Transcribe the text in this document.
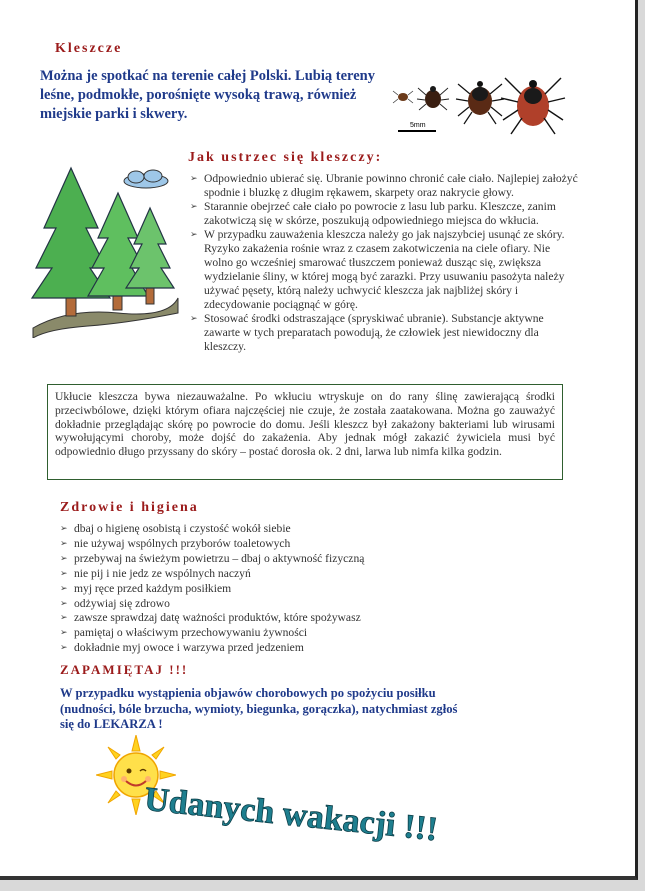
Kleszcze
Można je spotkać na terenie całej Polski. Lubią tereny leśne, podmokłe, porośnięte wysoką trawą, również miejskie parki i skwery.
5mm
Jak ustrzec się kleszczy:
➢ Odpowiednio ubierać się. Ubranie powinno chronić całe ciało. Najlepiej założyć spodnie i bluzkę z długim rękawem, skarpety oraz nakrycie głowy.
➢ Starannie obejrzeć całe ciało po powrocie z lasu lub parku. Kleszcze, zanim zakotwiczą się w skórze, poszukują odpowiedniego miejsca do wkłucia.
➢ W przypadku zauważenia kleszcza należy go jak najszybciej usunąć ze skóry. Ryzyko zakażenia rośnie wraz z czasem zakotwiczenia na ciele ofiary. Nie wolno go wcześniej smarować tłuszczem ponieważ dusząc się, zwiększa wydzielanie śliny, w której mogą być zarazki. Przy usuwaniu pasożyta należy używać pęsety, którą należy uchwycić kleszcza jak najbliżej skóry i zdecydowanie pociągnąć w górę.
➢ Stosować środki odstraszające (spryskiwać ubranie). Substancje aktywne zawarte w tych preparatach powodują, że człowiek jest niewidoczny dla kleszczy.
Ukłucie kleszcza bywa niezauważalne. Po wkłuciu wtryskuje on do rany ślinę zawierającą środki przeciwbólowe, dzięki którym ofiara najczęściej nie czuje, że została zaatakowana. Można go zauważyć dokładnie przeglądając skórę po powrocie do domu. Jeśli kleszcz był zakażony bakteriami lub wirusami wywołującymi choroby, może dojść do zakażenia. Aby jednak mógł zakazić żywiciela musi być odpowiednio długo przyssany do skóry – postać dorosła ok. 2 dni, larwa lub nimfa kilka godzin.
Zdrowie i higiena
➢ dbaj o higienę osobistą i czystość wokół siebie
➢ nie używaj wspólnych przyborów toaletowych
➢ przebywaj na świeżym powietrzu – dbaj o aktywność fizyczną
➢ nie pij i nie jedz ze wspólnych naczyń
➢ myj ręce przed każdym posiłkiem
➢ odżywiaj się zdrowo
➢ zawsze sprawdzaj datę ważności produktów, które spożywasz
➢ pamiętaj o właściwym przechowywaniu żywności
➢ dokładnie myj owoce i warzywa przed jedzeniem
ZAPAMIĘTAJ !!!
W przypadku wystąpienia objawów chorobowych po spożyciu posiłku (nudności, bóle brzucha, wymioty, biegunka, gorączka), natychmiast zgłoś się do LEKARZA !
Udanych wakacji !!!
